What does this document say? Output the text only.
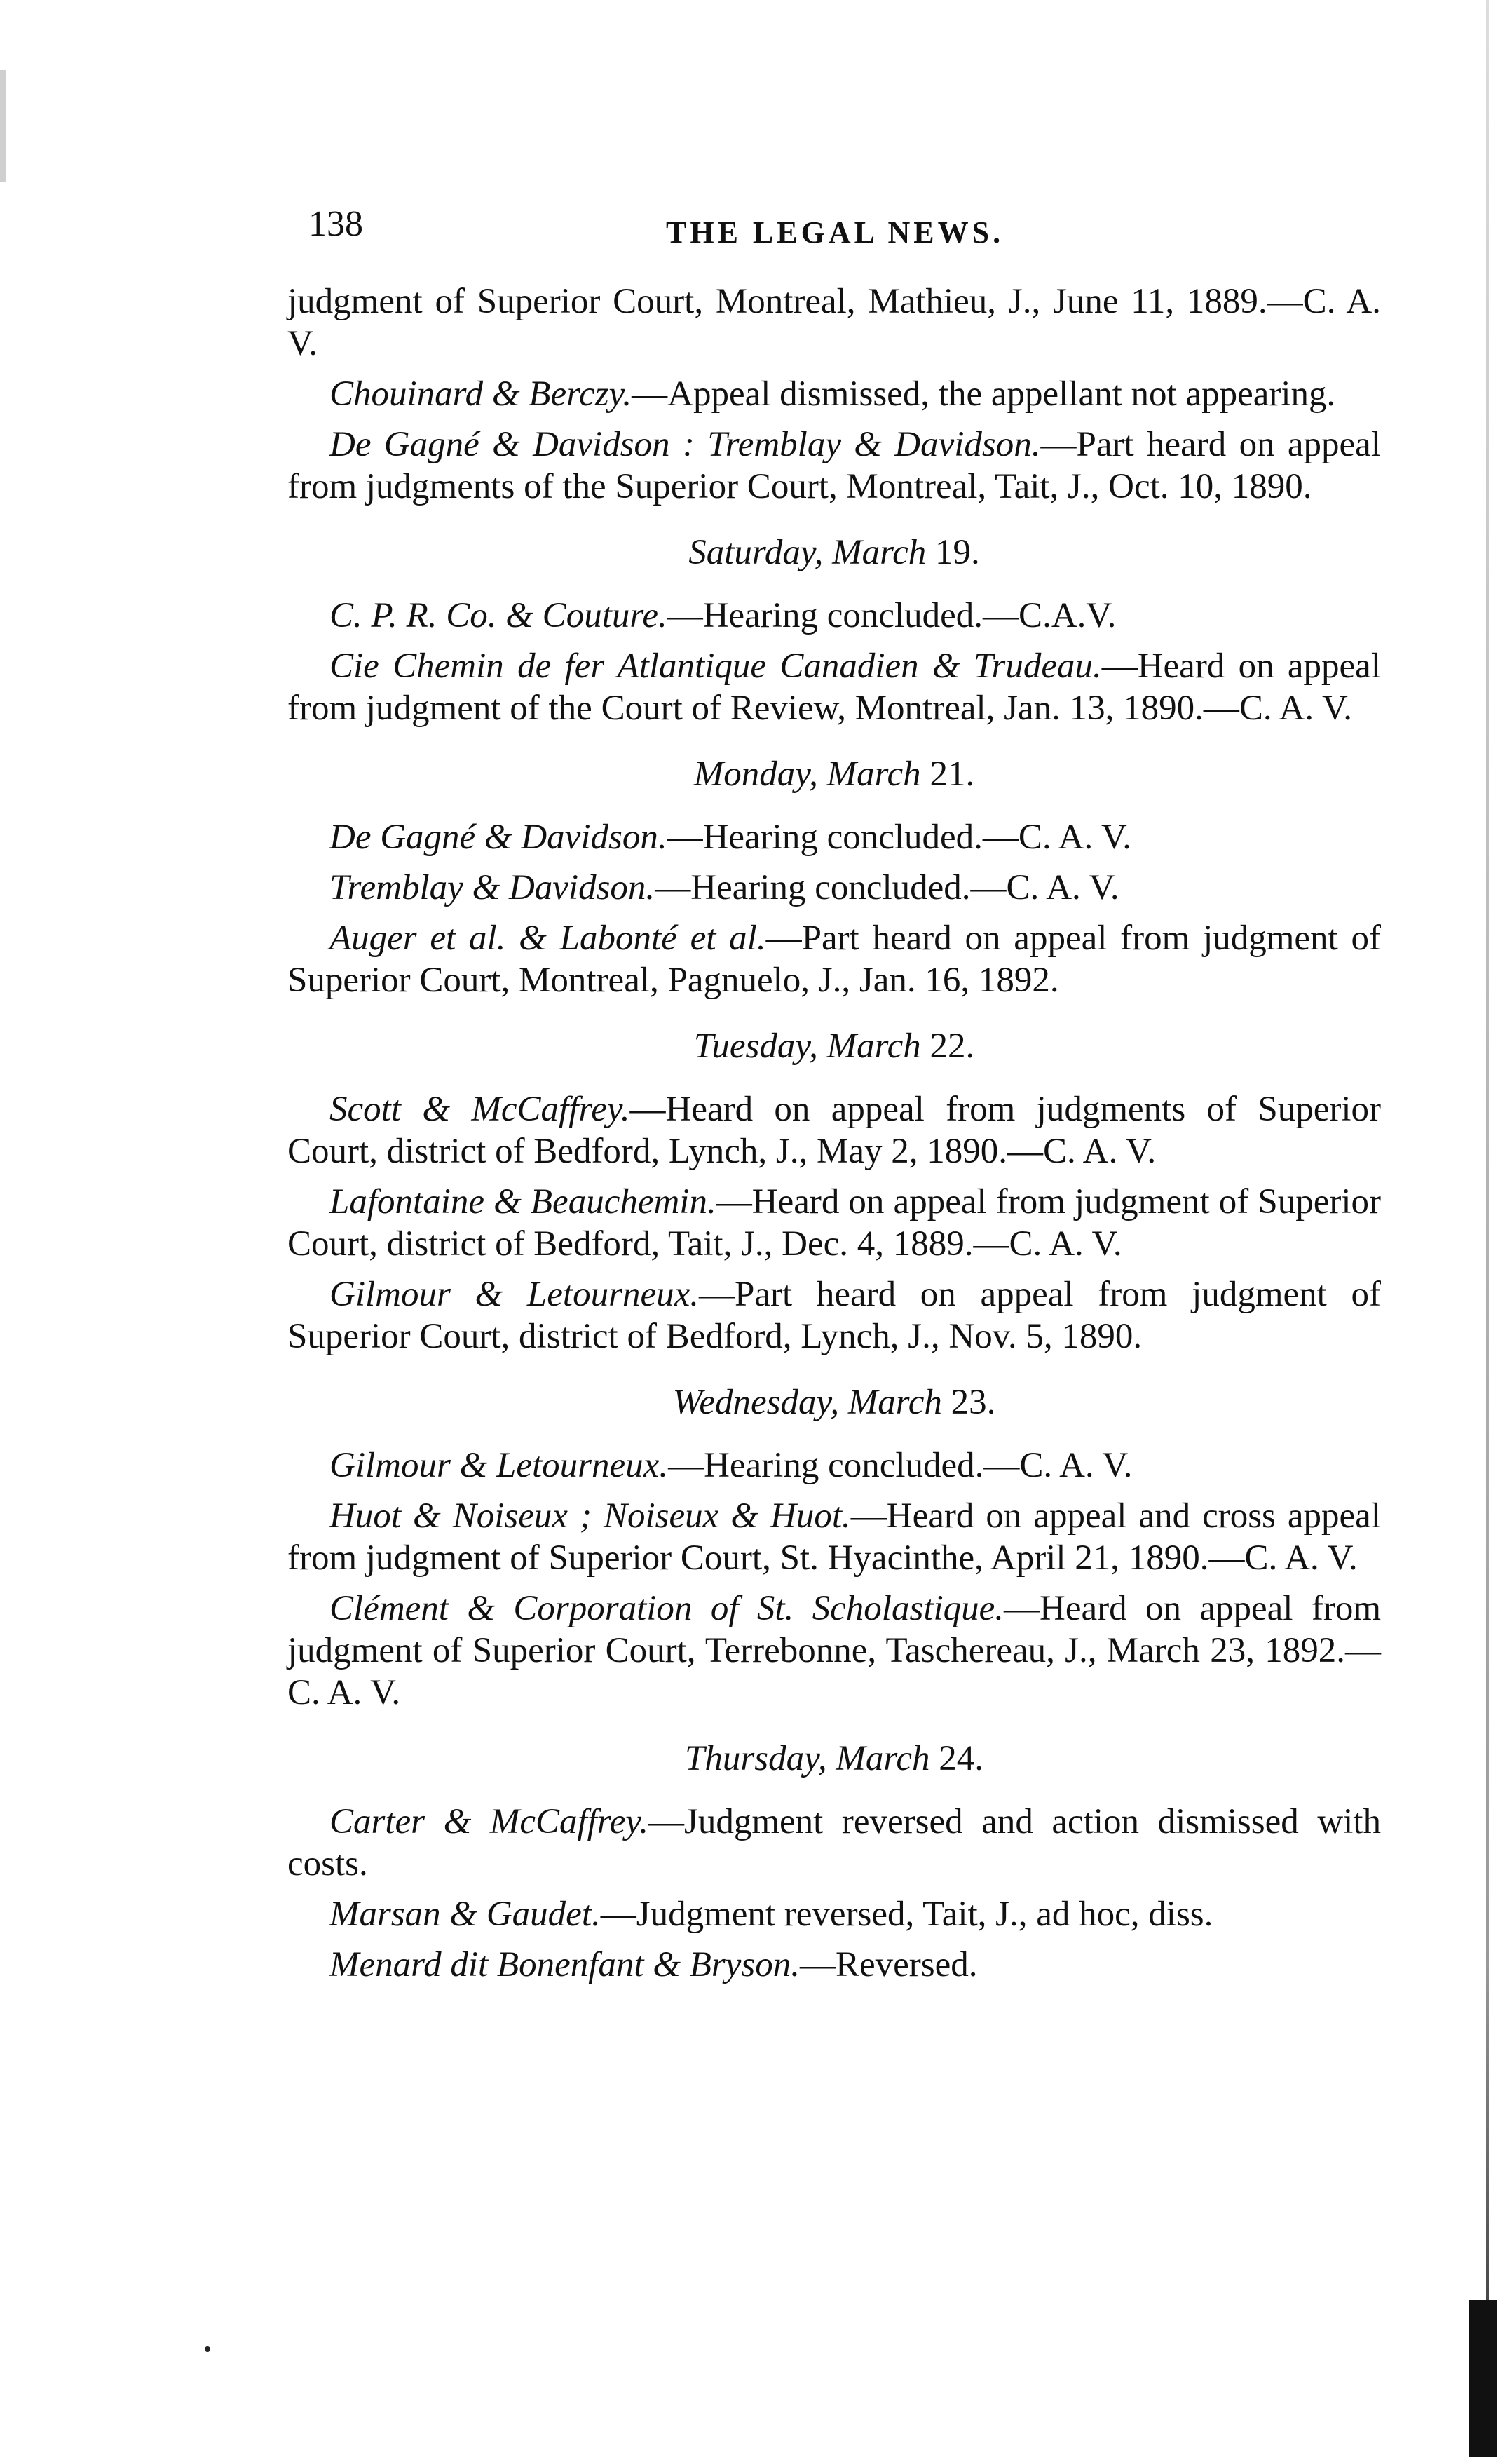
138	THE LEGAL NEWS.

judgment of Superior Court, Montreal, Mathieu, J., June 11, 1889.—C. A. V.

Chouinard & Berczy.—Appeal dismissed, the appellant not appearing.

De Gagné & Davidson : Tremblay & Davidson.—Part heard on appeal from judgments of the Superior Court, Montreal, Tait, J., Oct. 10, 1890.

Saturday, March 19.

C. P. R. Co. & Couture.—Hearing concluded.—C.A.V.

Cie Chemin de fer Atlantique Canadien & Trudeau.—Heard on appeal from judgment of the Court of Review, Montreal, Jan. 13, 1890.—C. A. V.

Monday, March 21.

De Gagné & Davidson.—Hearing concluded.—C. A. V.

Tremblay & Davidson.—Hearing concluded.—C. A. V.

Auger et al. & Labonté et al.—Part heard on appeal from judgment of Superior Court, Montreal, Pagnuelo, J., Jan. 16, 1892.

Tuesday, March 22.

Scott & McCaffrey.—Heard on appeal from judgments of Superior Court, district of Bedford, Lynch, J., May 2, 1890.—C. A. V.

Lafontaine & Beauchemin.—Heard on appeal from judgment of Superior Court, district of Bedford, Tait, J., Dec. 4, 1889.—C. A. V.

Gilmour & Letourneux.—Part heard on appeal from judgment of Superior Court, district of Bedford, Lynch, J., Nov. 5, 1890.

Wednesday, March 23.

Gilmour & Letourneux.—Hearing concluded.—C. A. V.

Huot & Noiseux ; Noiseux & Huot.—Heard on appeal and cross appeal from judgment of Superior Court, St. Hyacinthe, April 21, 1890.—C. A. V.

Clément & Corporation of St. Scholastique.—Heard on appeal from judgment of Superior Court, Terrebonne, Taschereau, J., March 23, 1892.—C. A. V.

Thursday, March 24.

Carter & McCaffrey.—Judgment reversed and action dismissed with costs.

Marsan & Gaudet.—Judgment reversed, Tait, J., ad hoc, diss.

Menard dit Bonenfant & Bryson.—Reversed.
